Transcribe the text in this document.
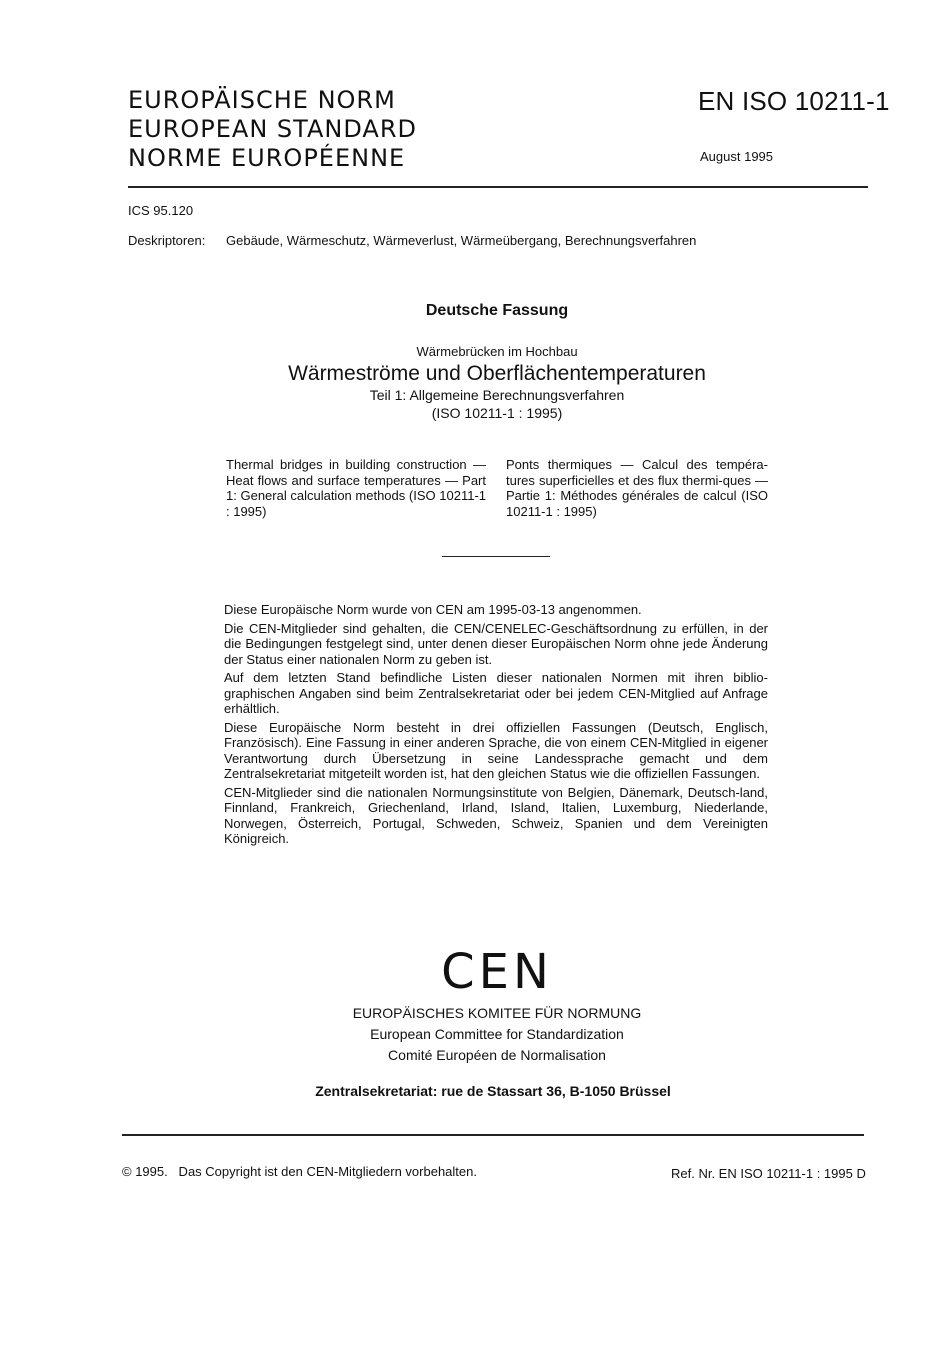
EUROPÄISCHE NORM
EUROPEAN STANDARD
NORME EUROPÉENNE
EN ISO 10211-1
August 1995
ICS 95.120
Deskriptoren: Gebäude, Wärmeschutz, Wärmeverlust, Wärmeübergang, Berechnungsverfahren
Deutsche Fassung
Wärmebrücken im Hochbau
Wärmeströme und Oberflächentemperaturen
Teil 1: Allgemeine Berechnungsverfahren
(ISO 10211-1 : 1995)
Thermal bridges in building construction — Heat flows and surface temperatures — Part 1: General calculation methods (ISO 10211-1 : 1995)
Ponts thermiques — Calcul des tempéra-tures superficielles et des flux thermi-ques — Partie 1: Méthodes générales de calcul (ISO 10211-1 : 1995)

Diese Europäische Norm wurde von CEN am 1995-03-13 angenommen.

Die CEN-Mitglieder sind gehalten, die CEN/CENELEC-Geschäftsordnung zu erfüllen, in der die Bedingungen festgelegt sind, unter denen dieser Europäischen Norm ohne jede Änderung der Status einer nationalen Norm zu geben ist.

Auf dem letzten Stand befindliche Listen dieser nationalen Normen mit ihren biblio-graphischen Angaben sind beim Zentralsekretariat oder bei jedem CEN-Mitglied auf Anfrage erhältlich.

Diese Europäische Norm besteht in drei offiziellen Fassungen (Deutsch, Englisch, Französisch). Eine Fassung in einer anderen Sprache, die von einem CEN-Mitglied in eigener Verantwortung durch Übersetzung in seine Landessprache gemacht und dem Zentralsekretariat mitgeteilt worden ist, hat den gleichen Status wie die offiziellen Fassungen.

CEN-Mitglieder sind die nationalen Normungsinstitute von Belgien, Dänemark, Deutsch-land, Finnland, Frankreich, Griechenland, Irland, Island, Italien, Luxemburg, Niederlande, Norwegen, Österreich, Portugal, Schweden, Schweiz, Spanien und dem Vereinigten Königreich.

CEN
EUROPÄISCHES KOMITEE FÜR NORMUNG
European Committee for Standardization
Comité Européen de Normalisation
Zentralsekretariat: rue de Stassart 36, B-1050 Brüssel
© 1995.   Das Copyright ist den CEN-Mitgliedern vorbehalten.	Ref. Nr. EN ISO 10211-1 : 1995 D
